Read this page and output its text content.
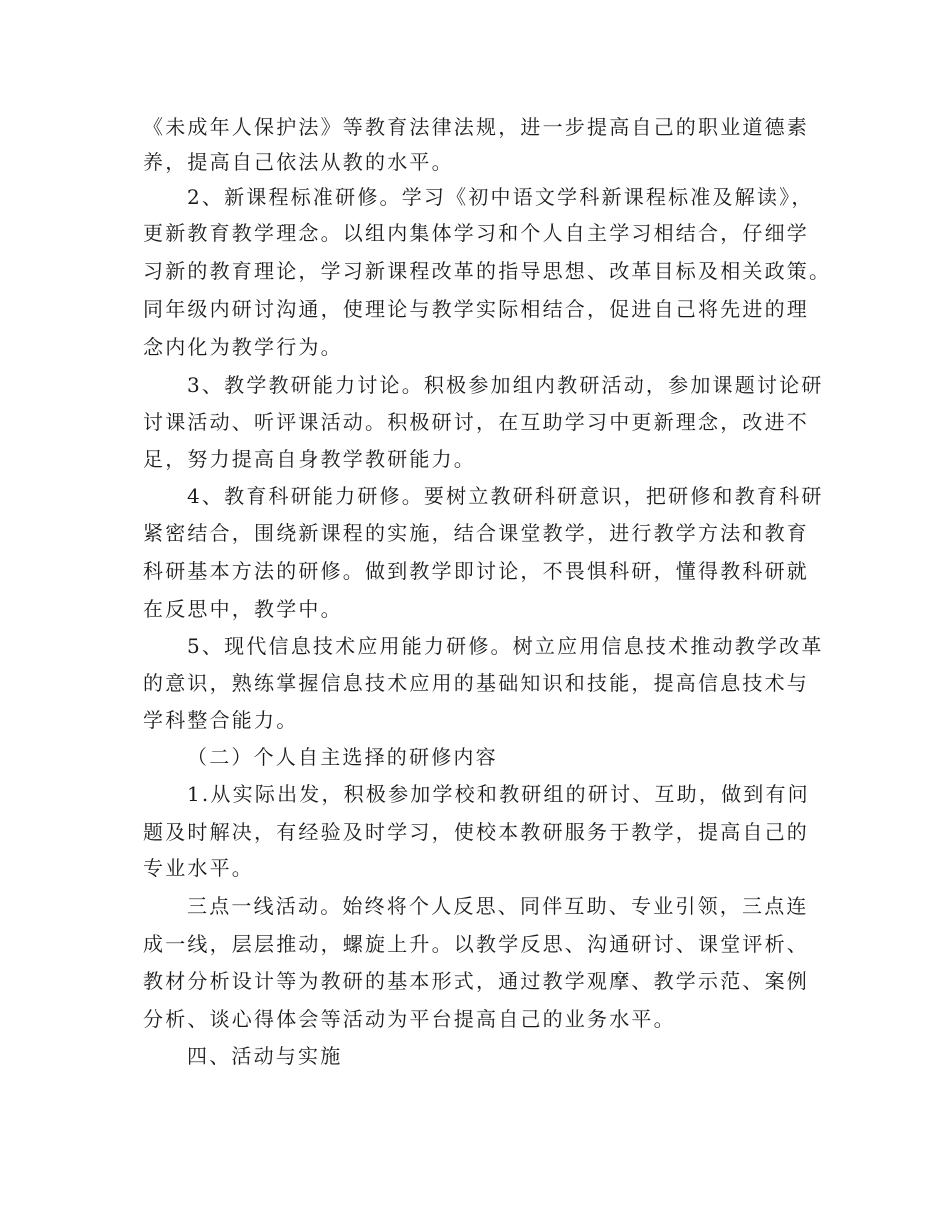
《未成年人保护法》等教育法律法规，进一步提高自己的职业道德素
养，提高自己依法从教的水平。
2、新课程标准研修。学习《初中语文学科新课程标准及解读》，
更新教育教学理念。以组内集体学习和个人自主学习相结合，仔细学
习新的教育理论，学习新课程改革的指导思想、改革目标及相关政策。
同年级内研讨沟通，使理论与教学实际相结合，促进自己将先进的理
念内化为教学行为。
3、教学教研能力讨论。积极参加组内教研活动，参加课题讨论研
讨课活动、听评课活动。积极研讨，在互助学习中更新理念，改进不
足，努力提高自身教学教研能力。
4、教育科研能力研修。要树立教研科研意识，把研修和教育科研
紧密结合，围绕新课程的实施，结合课堂教学，进行教学方法和教育
科研基本方法的研修。做到教学即讨论，不畏惧科研，懂得教科研就
在反思中，教学中。
5、现代信息技术应用能力研修。树立应用信息技术推动教学改革
的意识，熟练掌握信息技术应用的基础知识和技能，提高信息技术与
学科整合能力。
（二）个人自主选择的研修内容
1.从实际出发，积极参加学校和教研组的研讨、互助，做到有问
题及时解决，有经验及时学习，使校本教研服务于教学，提高自己的
专业水平。
三点一线活动。始终将个人反思、同伴互助、专业引领，三点连
成一线，层层推动，螺旋上升。以教学反思、沟通研讨、课堂评析、
教材分析设计等为教研的基本形式，通过教学观摩、教学示范、案例
分析、谈心得体会等活动为平台提高自己的业务水平。
四、活动与实施
